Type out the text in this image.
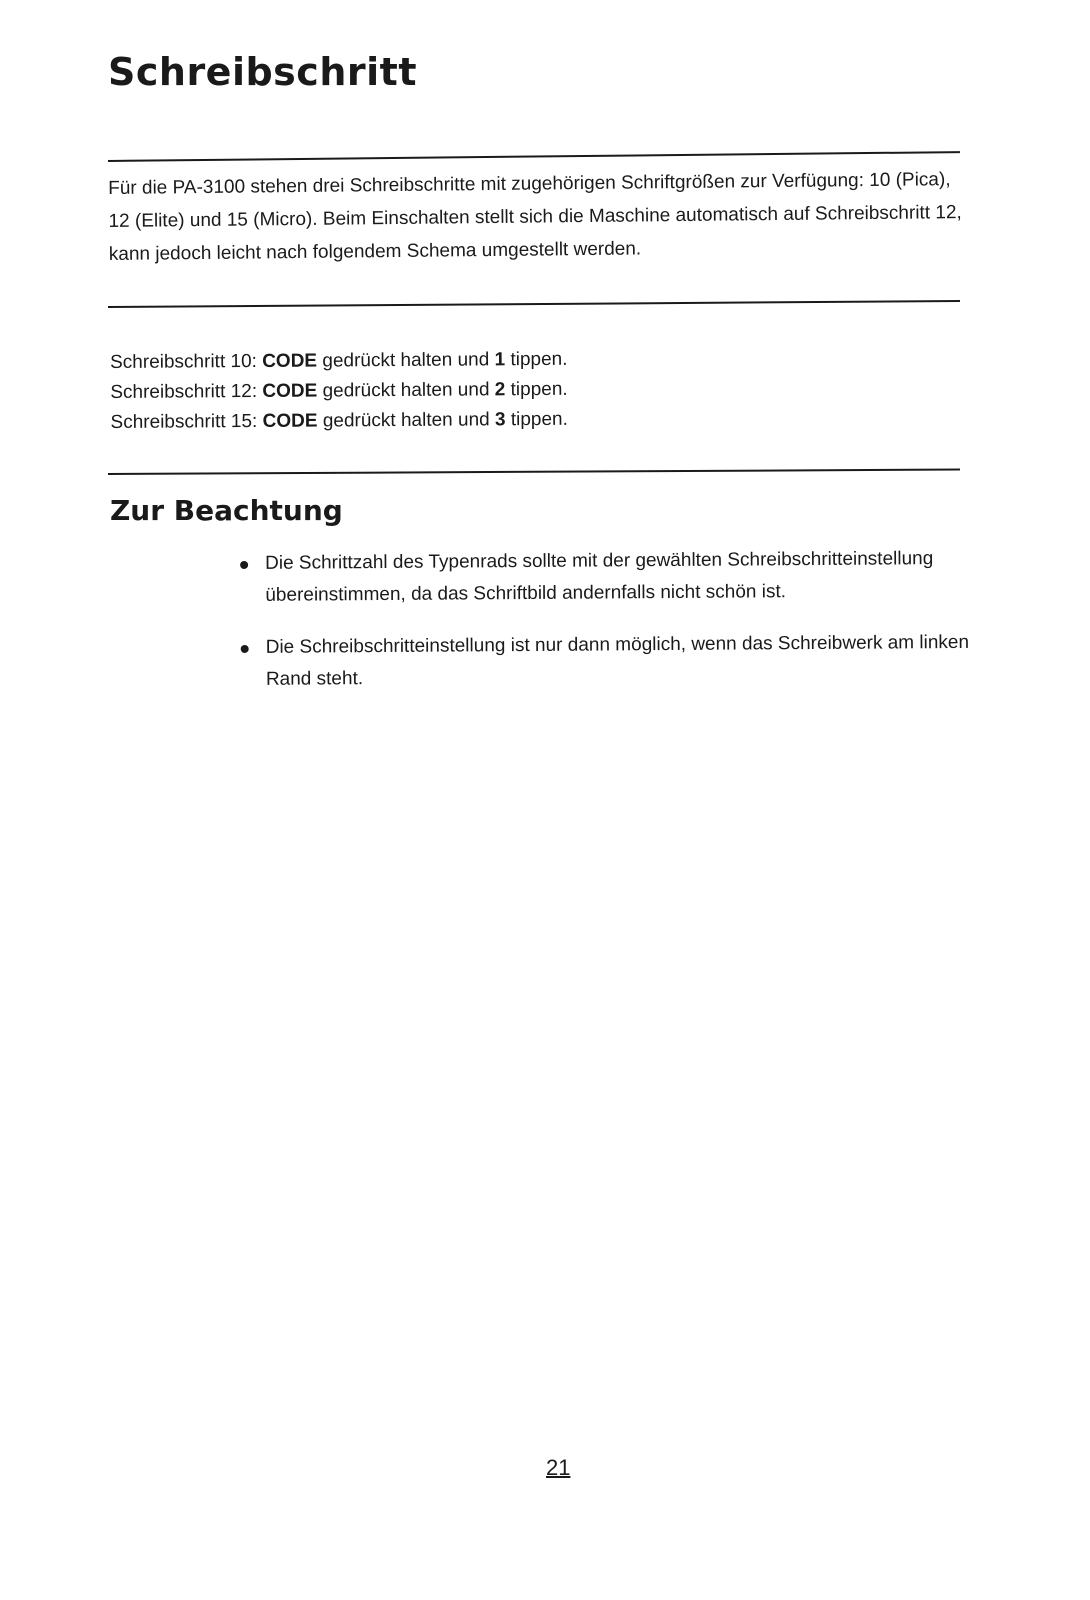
Schreibschritt

Für die PA-3100 stehen drei Schreibschritte mit zugehörigen Schriftgrößen zur Verfügung: 10 (Pica), 12 (Elite) und 15 (Micro). Beim Einschalten stellt sich die Maschine automatisch auf Schreibschritt 12, kann jedoch leicht nach folgendem Schema umgestellt werden.

Schreibschritt 10: CODE gedrückt halten und 1 tippen.
Schreibschritt 12: CODE gedrückt halten und 2 tippen.
Schreibschritt 15: CODE gedrückt halten und 3 tippen.
Zur Beachtung
Die Schrittzahl des Typenrads sollte mit der gewählten Schreibschritteinstellung übereinstimmen, da das Schriftbild andernfalls nicht schön ist.
Die Schreibschritteinstellung ist nur dann möglich, wenn das Schreibwerk am linken Rand steht.
21
